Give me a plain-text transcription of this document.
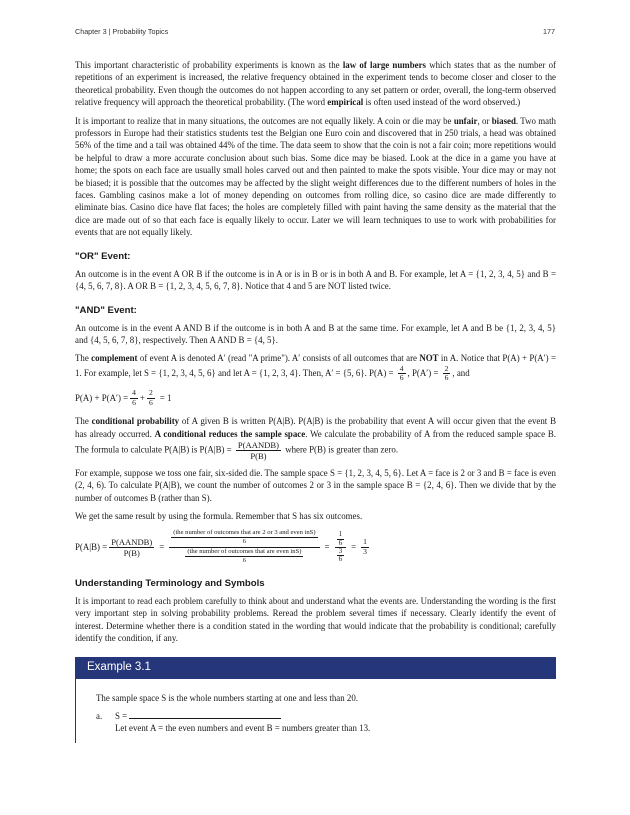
Chapter 3 | Probability Topics	177

This important characteristic of probability experiments is known as the law of large numbers which states that as the number of repetitions of an experiment is increased, the relative frequency obtained in the experiment tends to become closer and closer to the theoretical probability. Even though the outcomes do not happen according to any set pattern or order, overall, the long-term observed relative frequency will approach the theoretical probability. (The word empirical is often used instead of the word observed.)

It is important to realize that in many situations, the outcomes are not equally likely. A coin or die may be unfair, or biased. Two math professors in Europe had their statistics students test the Belgian one Euro coin and discovered that in 250 trials, a head was obtained 56% of the time and a tail was obtained 44% of the time. The data seem to show that the coin is not a fair coin; more repetitions would be helpful to draw a more accurate conclusion about such bias. Some dice may be biased. Look at the dice in a game you have at home; the spots on each face are usually small holes carved out and then painted to make the spots visible. Your dice may or may not be biased; it is possible that the outcomes may be affected by the slight weight differences due to the different numbers of holes in the faces. Gambling casinos make a lot of money depending on outcomes from rolling dice, so casino dice are made differently to eliminate bias. Casino dice have flat faces; the holes are completely filled with paint having the same density as the material that the dice are made out of so that each face is equally likely to occur. Later we will learn techniques to use to work with probabilities for events that are not equally likely.

"OR" Event:

An outcome is in the event A OR B if the outcome is in A or is in B or is in both A and B. For example, let A = {1, 2, 3, 4, 5} and B = {4, 5, 6, 7, 8}. A OR B = {1, 2, 3, 4, 5, 6, 7, 8}. Notice that 4 and 5 are NOT listed twice.

"AND" Event:

An outcome is in the event A AND B if the outcome is in both A and B at the same time. For example, let A and B be {1, 2, 3, 4, 5} and {4, 5, 6, 7, 8}, respectively. Then A AND B = {4, 5}.

The complement of event A is denoted A′ (read "A prime"). A′ consists of all outcomes that are NOT in A. Notice that P(A) + P(A′) = 1. For example, let S = {1, 2, 3, 4, 5, 6} and let A = {1, 2, 3, 4}. Then, A′ = {5, 6}. $P(A) = \frac{4}{6}$ , $P(A') = \frac{2}{6}$ , and

$P(A) + P(A') = \frac{4}{6} + \frac{2}{6} = 1$

The conditional probability of A given B is written P(A|B). P(A|B) is the probability that event A will occur given that the event B has already occurred. A conditional reduces the sample space. We calculate the probability of A from the reduced sample space B. The formula to calculate P(A|B) is $P(A|B) = \frac{\text{P(AANDB)}}{P(B)}$ where P(B) is greater than zero.

For example, suppose we toss one fair, six-sided die. The sample space S = {1, 2, 3, 4, 5, 6}. Let A = face is 2 or 3 and B = face is even (2, 4, 6). To calculate P(A|B), we count the number of outcomes 2 or 3 in the sample space B = {2, 4, 6}. Then we divide that by the number of outcomes B (rather than S).

We get the same result by using the formula. Remember that S has six outcomes.

$P(A|B) = \frac{\text{P(AANDB)}}{P(B)} = \frac{\frac{\text{(the number of outcomes that are 2 or 3 and even inS)}}{6}}{\frac{\text{(the number of outcomes that are even inS)}}{6}} = \frac{\frac{1}{6}}{\frac{3}{6}} = \frac{1}{3}$
Understanding Terminology and Symbols

It is important to read each problem carefully to think about and understand what the events are. Understanding the wording is the first very important step in solving probability problems. Reread the problem several times if necessary. Clearly identify the event of interest. Determine whether there is a condition stated in the wording that would indicate that the probability is conditional; carefully identify the condition, if any.

Example 3.1

The sample space S is the whole numbers starting at one and less than 20.

a. S =
Let event A = the even numbers and event B = numbers greater than 13.
